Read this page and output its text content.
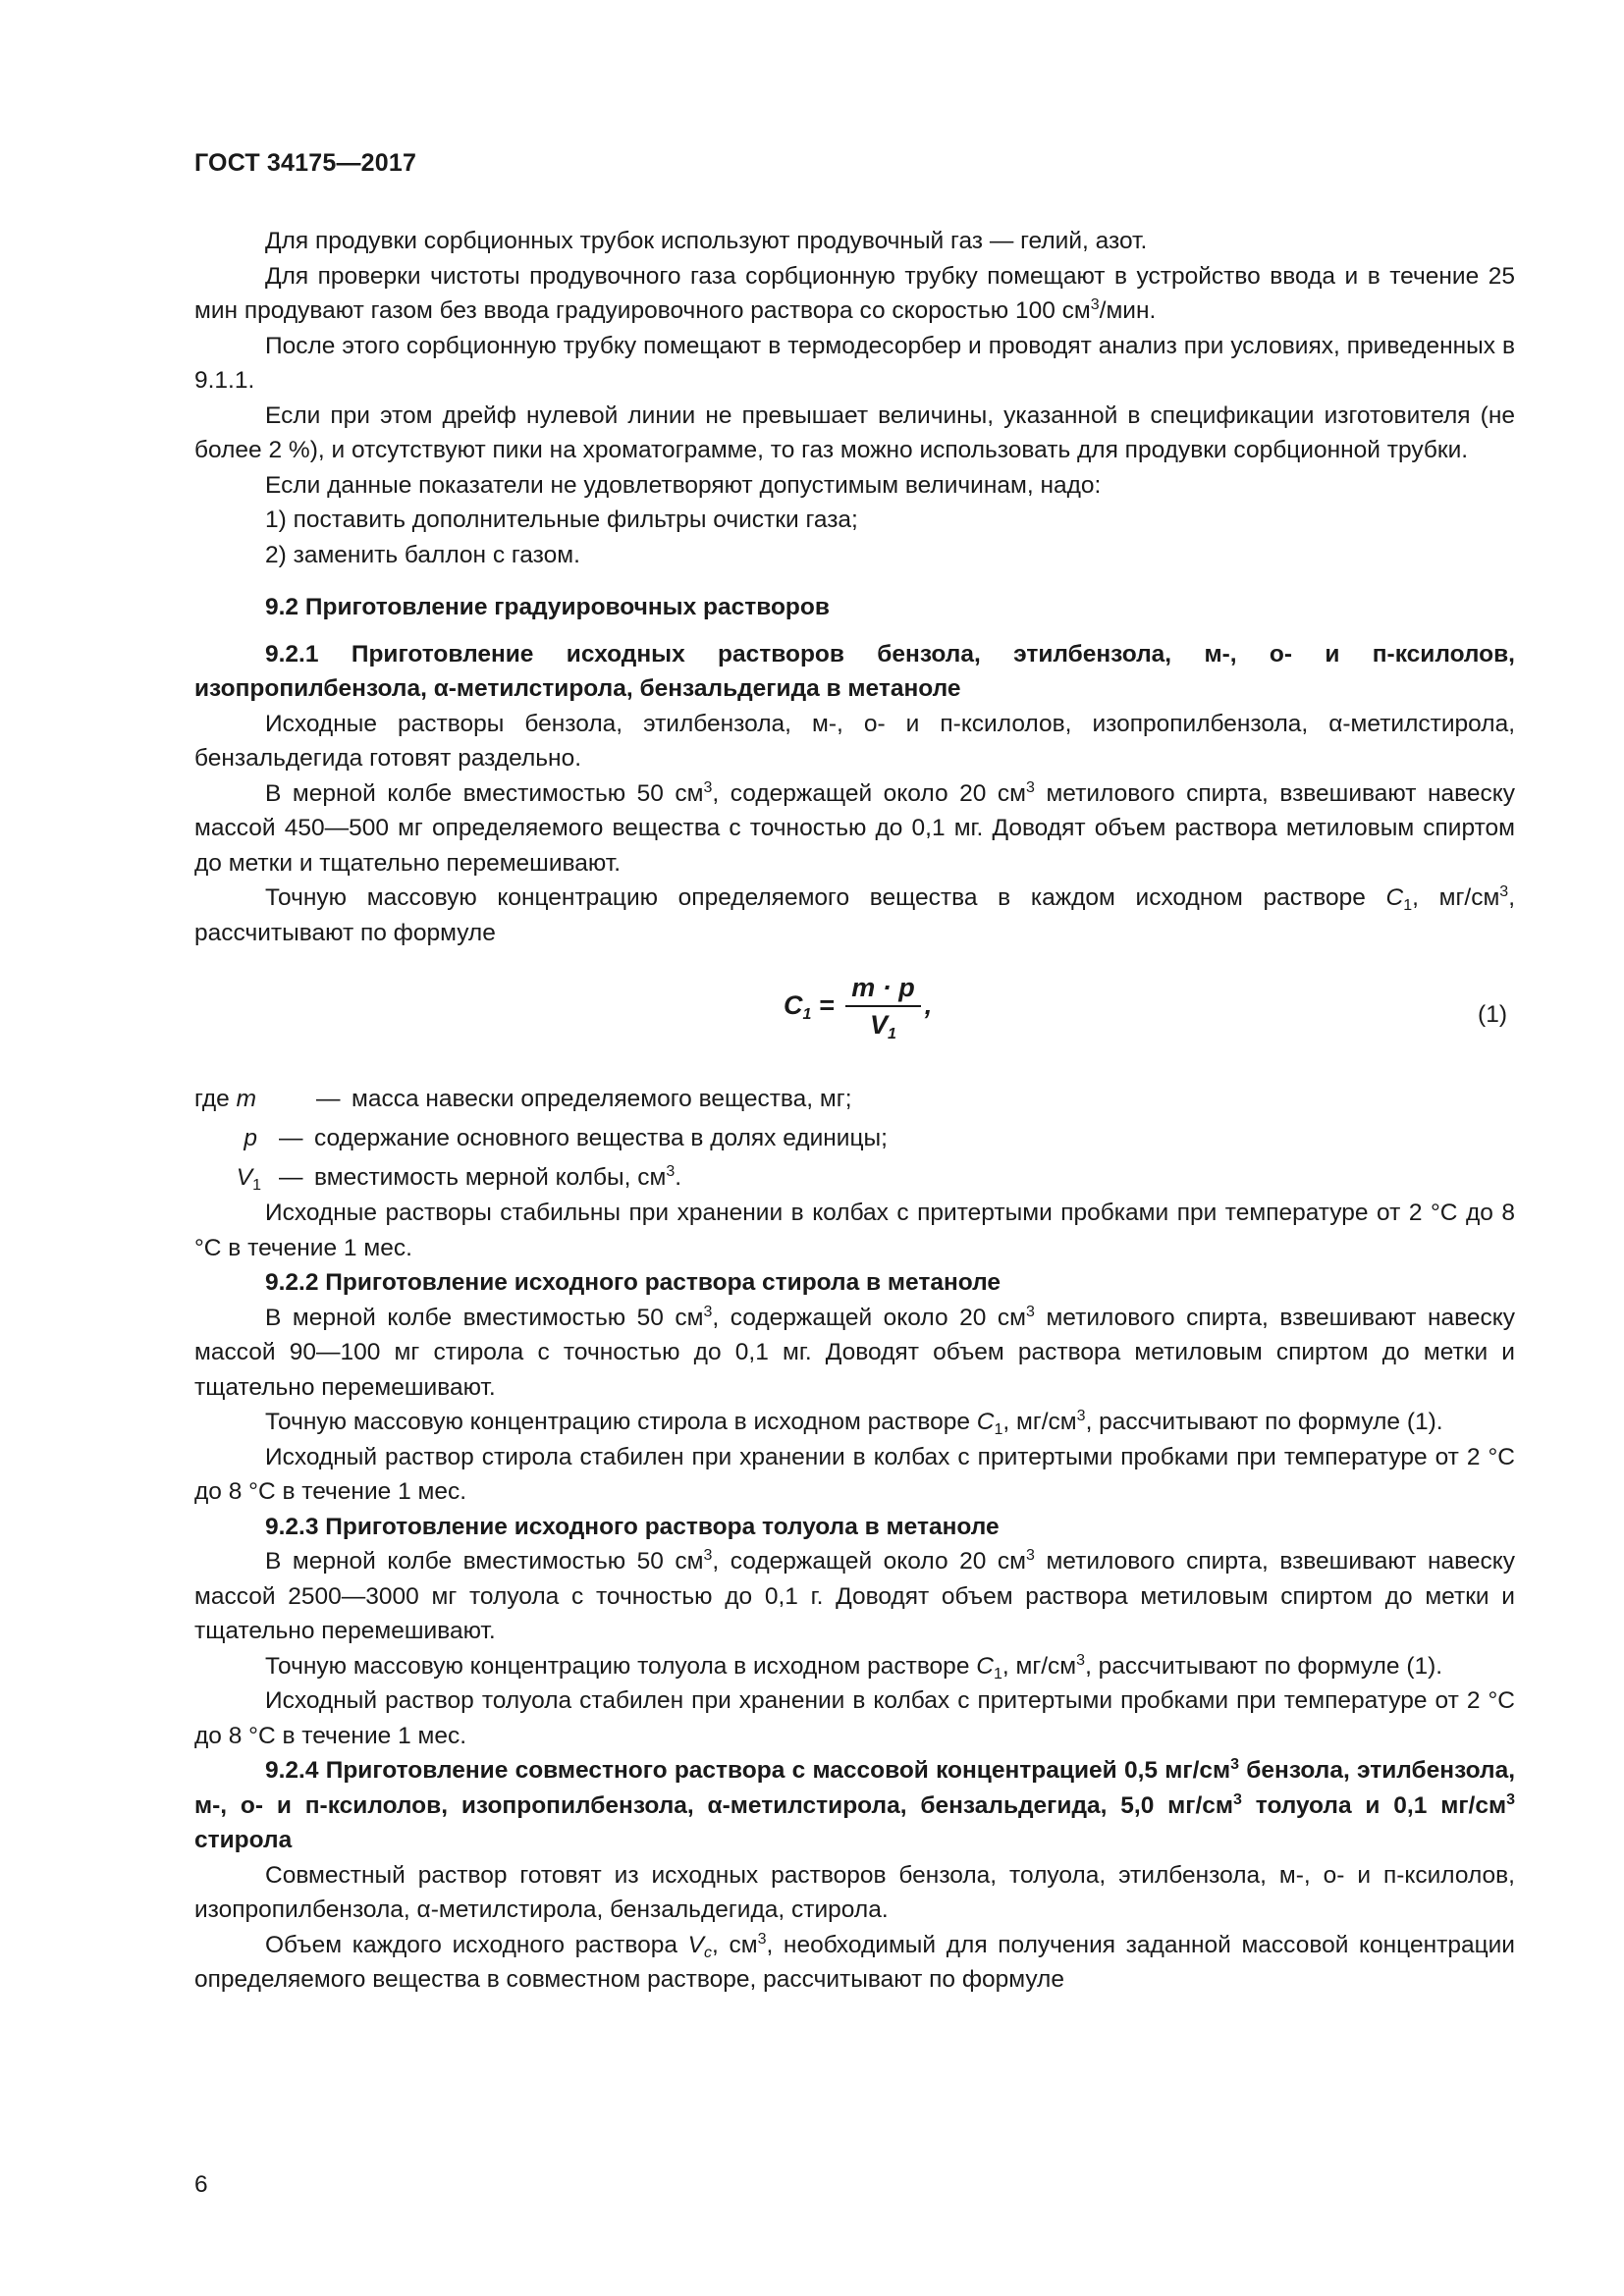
ГОСТ 34175—2017

Для продувки сорбционных трубок используют продувочный газ — гелий, азот.

Для проверки чистоты продувочного газа сорбционную трубку помещают в устройство ввода и в течение 25 мин продувают газом без ввода градуировочного раствора со скоростью 100 $см^3$/мин.

После этого сорбционную трубку помещают в термодесорбер и проводят анализ при условиях, приведенных в 9.1.1.

Если при этом дрейф нулевой линии не превышает величины, указанной в спецификации изготовителя (не более 2 %), и отсутствуют пики на хроматограмме, то газ можно использовать для продувки сорбционной трубки.

Если данные показатели не удовлетворяют допустимым величинам, надо:

1) поставить дополнительные фильтры очистки газа;

2) заменить баллон с газом.

9.2 Приготовление градуировочных растворов

9.2.1 Приготовление исходных растворов бензола, этилбензола, м-, о- и п-ксилолов, изопропилбензола, α-метилстирола, бензальдегида в метаноле

Исходные растворы бензола, этилбензола, м-, о- и п-ксилолов, изопропилбензола, α-метилстирола, бензальдегида готовят раздельно.

В мерной колбе вместимостью 50 $см^3$, содержащей около 20 $см^3$ метилового спирта, взвешивают навеску массой 450—500 мг определяемого вещества с точностью до 0,1 мг. Доводят объем раствора метиловым спиртом до метки и тщательно перемешивают.

Точную массовую концентрацию определяемого вещества в каждом исходном растворе $C_1$, $мг/см^3$, рассчитывают по формуле

$C_1 = \frac{m \cdot p}{V_1}$ ,	(1)
где m	— масса навески определяемого вещества, мг;
p — содержание основного вещества в долях единицы;
$V_1$ — вместимость мерной колбы, $см^3$.

Исходные растворы стабильны при хранении в колбах с притертыми пробками при температуре от 2 °С до 8 °С в течение 1 мес.

9.2.2 Приготовление исходного раствора стирола в метаноле

В мерной колбе вместимостью 50 $см^3$, содержащей около 20 $см^3$ метилового спирта, взвешивают навеску массой 90—100 мг стирола с точностью до 0,1 мг. Доводят объем раствора метиловым спиртом до метки и тщательно перемешивают.

Точную массовую концентрацию стирола в исходном растворе $C_1$, $мг/см^3$, рассчитывают по формуле (1).

Исходный раствор стирола стабилен при хранении в колбах с притертыми пробками при температуре от 2 °С до 8 °С в течение 1 мес.

9.2.3 Приготовление исходного раствора толуола в метаноле

В мерной колбе вместимостью 50 $см^3$, содержащей около 20 $см^3$ метилового спирта, взвешивают навеску массой 2500—3000 мг толуола с точностью до 0,1 г. Доводят объем раствора метиловым спиртом до метки и тщательно перемешивают.

Точную массовую концентрацию толуола в исходном растворе $C_1$, $мг/см^3$, рассчитывают по формуле (1).

Исходный раствор толуола стабилен при хранении в колбах с притертыми пробками при температуре от 2 °С до 8 °С в течение 1 мес.

9.2.4 Приготовление совместного раствора с массовой концентрацией 0,5 $мг/см^3$ бензола, этилбензола, м-, о- и п-ксилолов, изопропилбензола, α-метилстирола, бензальдегида, 5,0 $мг/см^3$ толуола и 0,1 $мг/см^3$ стирола

Совместный раствор готовят из исходных растворов бензола, толуола, этилбензола, м-, о- и п-ксилолов, изопропилбензола, α-метилстирола, бензальдегида, стирола.

Объем каждого исходного раствора $V_c$, $см^3$, необходимый для получения заданной массовой концентрации определяемого вещества в совместном растворе, рассчитывают по формуле

6
